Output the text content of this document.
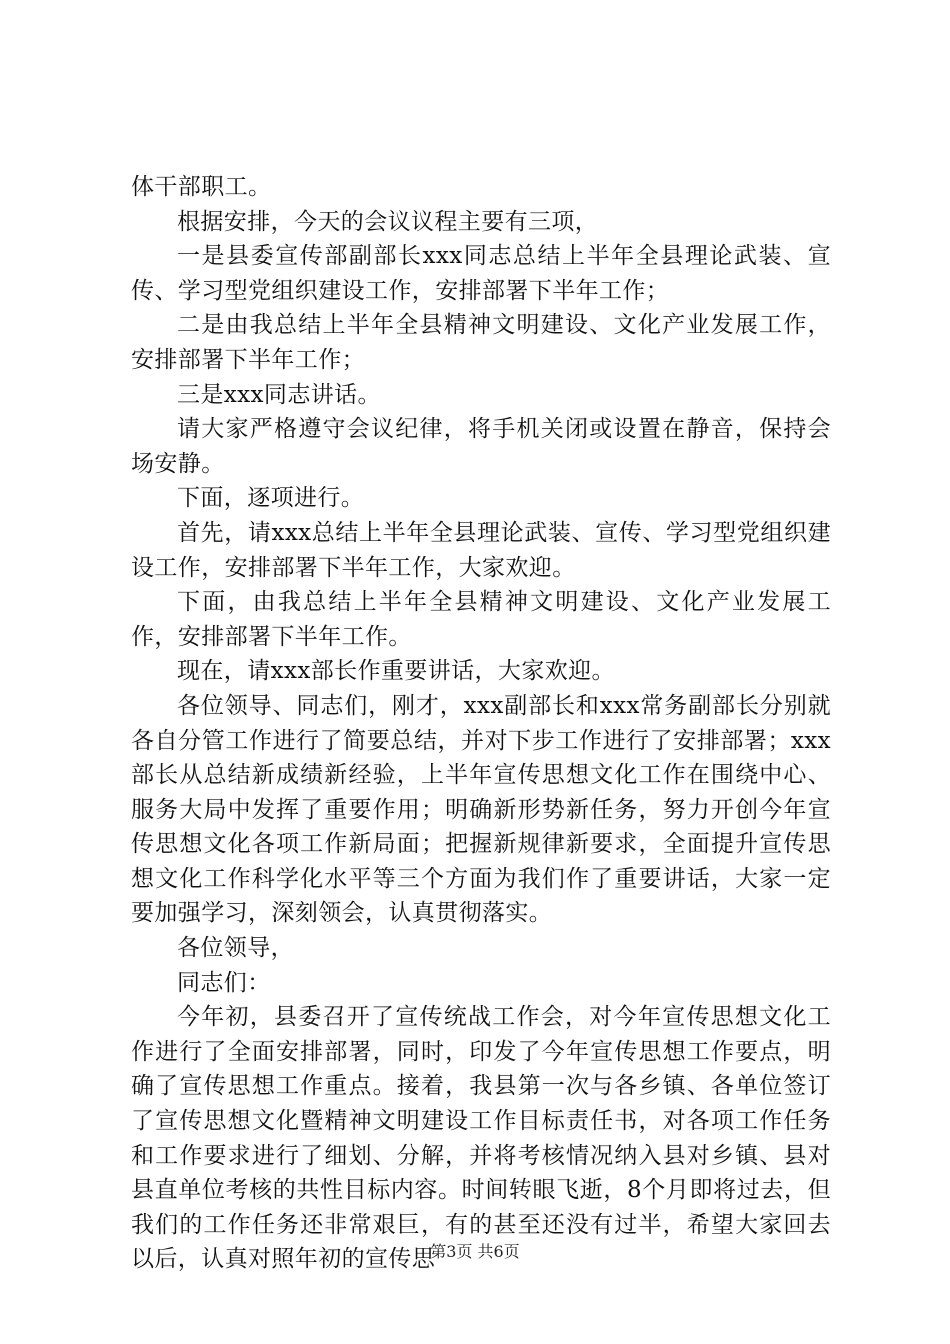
体干部职工。

根据安排，今天的会议议程主要有三项，

一是县委宣传部副部长xxx同志总结上半年全县理论武装、宣传、学习型党组织建设工作，安排部署下半年工作；

二是由我总结上半年全县精神文明建设、文化产业发展工作，安排部署下半年工作；

三是xxx同志讲话。

请大家严格遵守会议纪律，将手机关闭或设置在静音，保持会场安静。

下面，逐项进行。

首先，请xxx总结上半年全县理论武装、宣传、学习型党组织建设工作，安排部署下半年工作，大家欢迎。

下面，由我总结上半年全县精神文明建设、文化产业发展工作，安排部署下半年工作。

现在，请xxx部长作重要讲话，大家欢迎。

各位领导、同志们，刚才，xxx副部长和xxx常务副部长分别就各自分管工作进行了简要总结，并对下步工作进行了安排部署；xxx部长从总结新成绩新经验，上半年宣传思想文化工作在围绕中心、服务大局中发挥了重要作用；明确新形势新任务，努力开创今年宣传思想文化各项工作新局面；把握新规律新要求，全面提升宣传思想文化工作科学化水平等三个方面为我们作了重要讲话，大家一定要加强学习，深刻领会，认真贯彻落实。

各位领导，

同志们：

今年初，县委召开了宣传统战工作会，对今年宣传思想文化工作进行了全面安排部署，同时，印发了今年宣传思想工作要点，明确了宣传思想工作重点。接着，我县第一次与各乡镇、各单位签订了宣传思想文化暨精神文明建设工作目标责任书，对各项工作任务和工作要求进行了细划、分解，并将考核情况纳入县对乡镇、县对县直单位考核的共性目标内容。时间转眼飞逝，8个月即将过去，但我们的工作任务还非常艰巨，有的甚至还没有过半，希望大家回去以后，认真对照年初的宣传思

第3页 共6页
